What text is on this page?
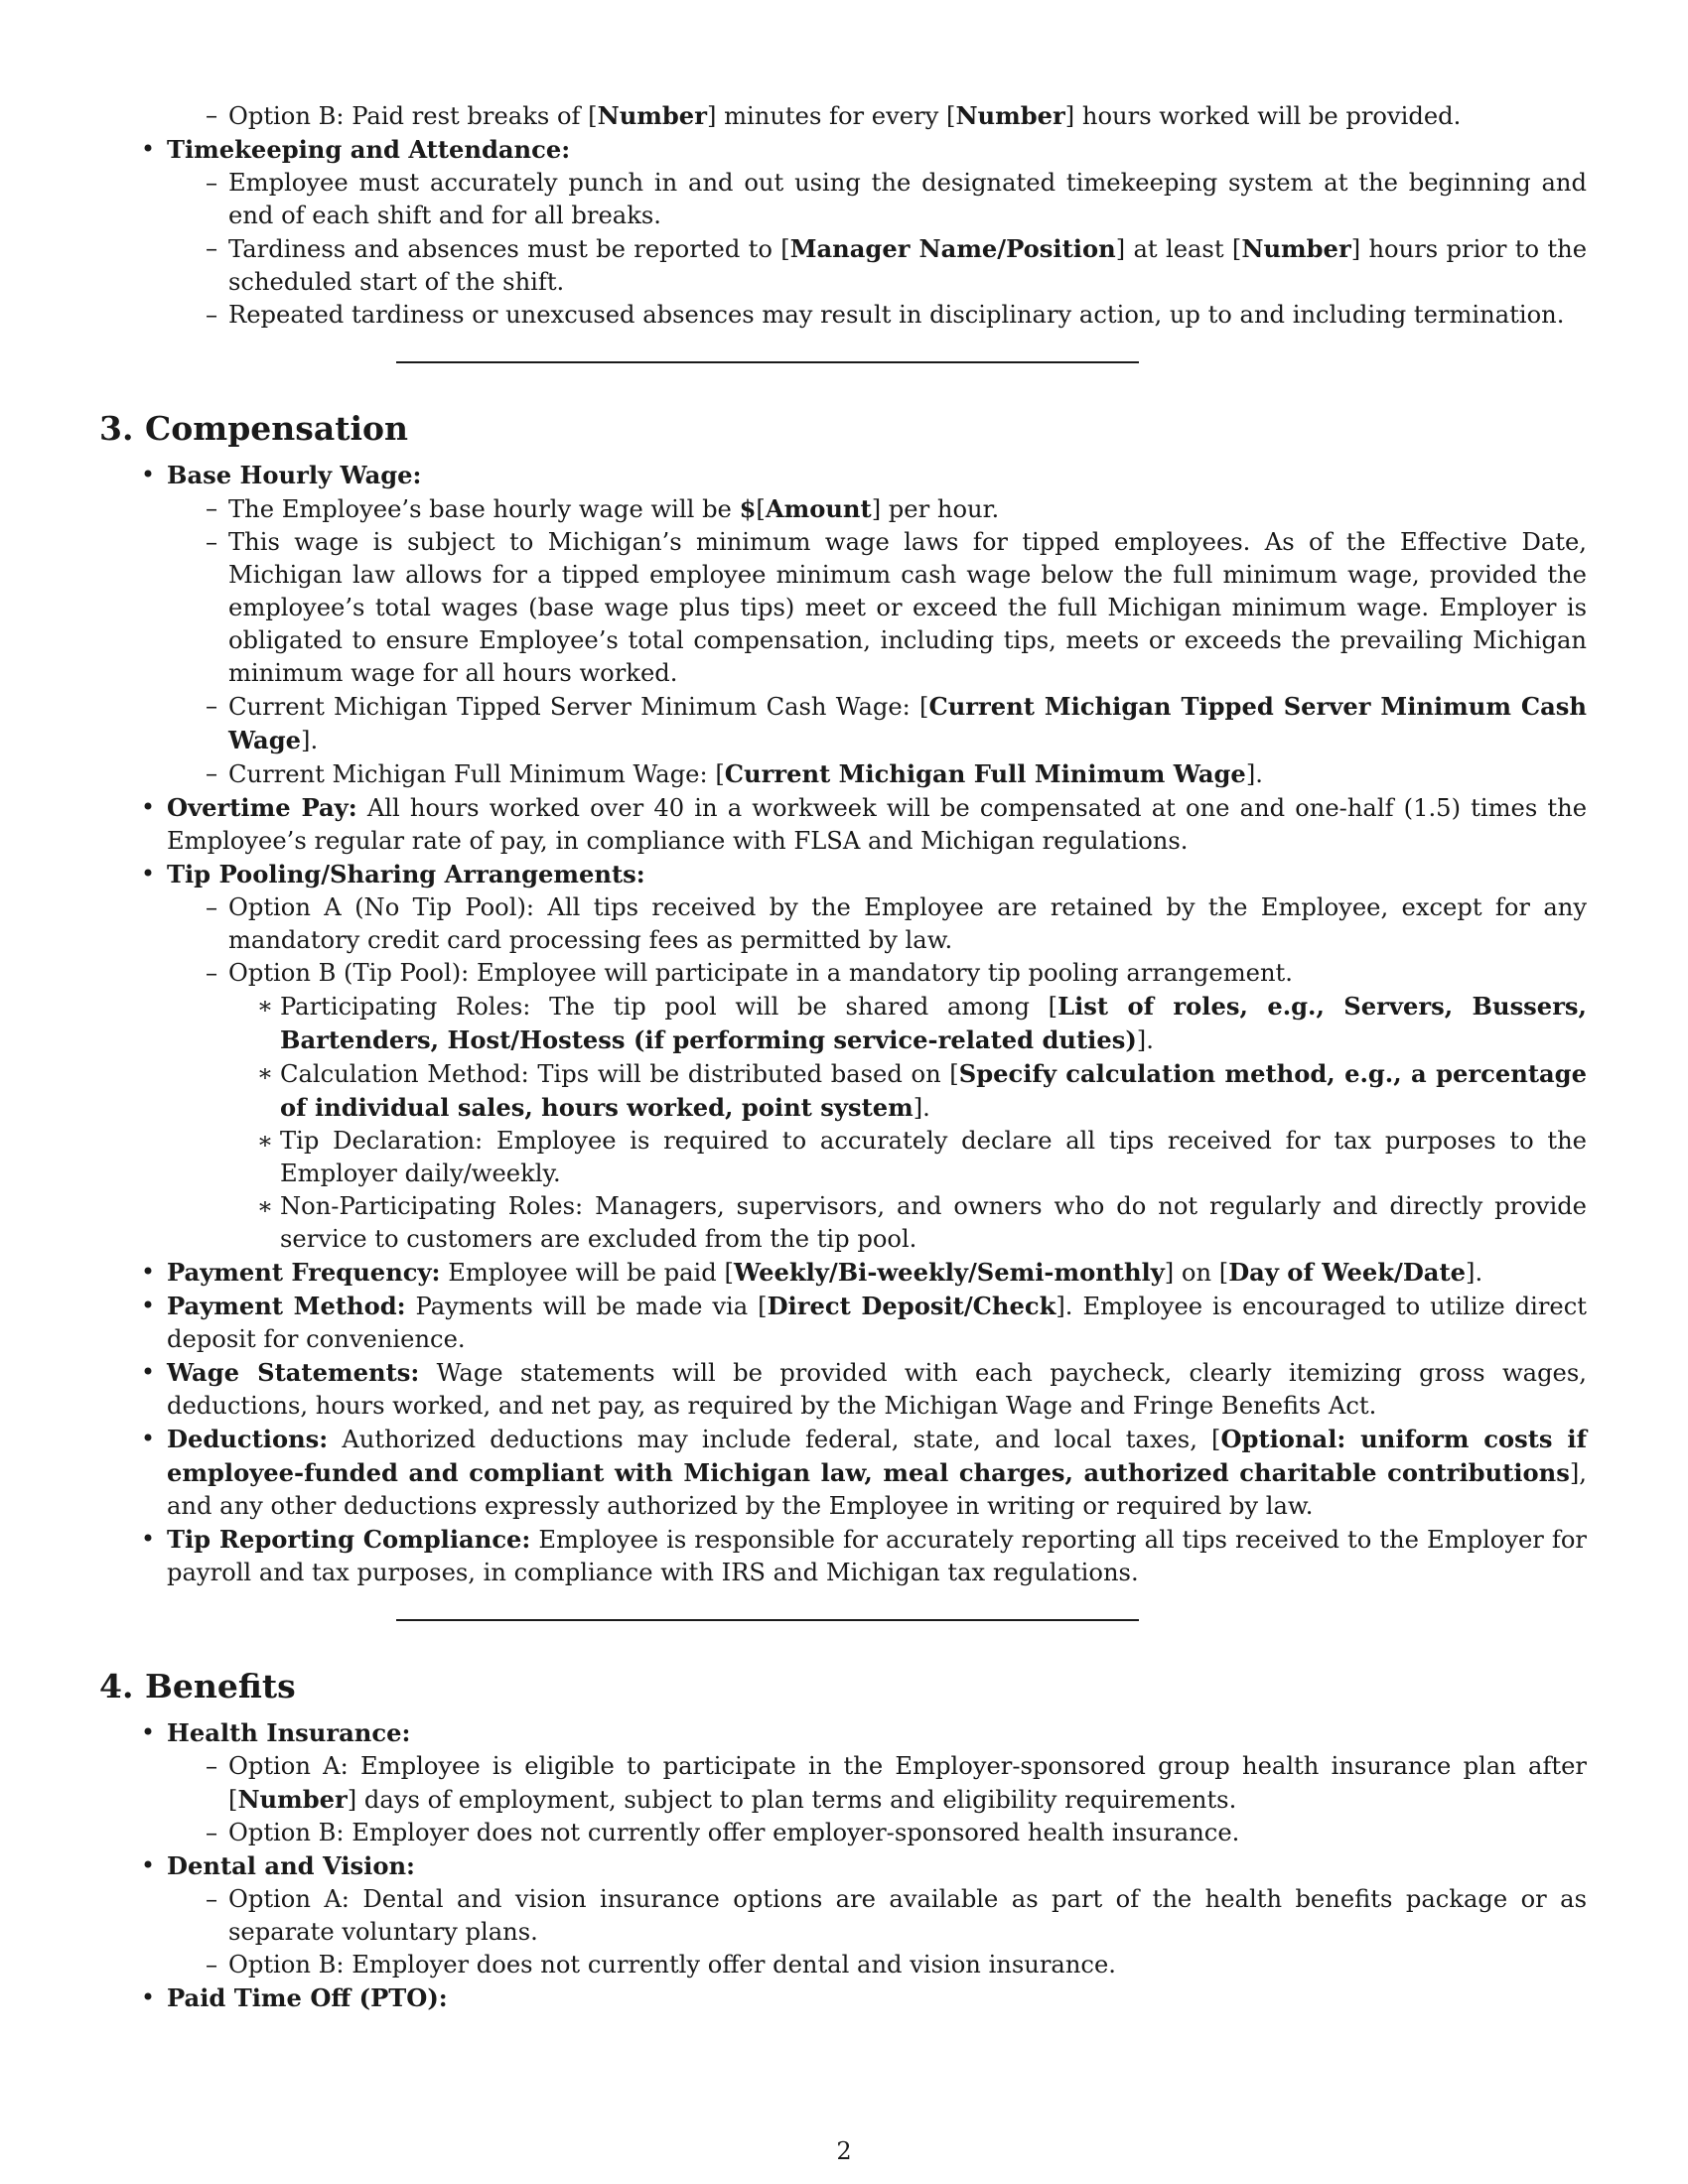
– Option B: Paid rest breaks of [Number] minutes for every [Number] hours worked will be provided.
• Timekeeping and Attendance:
– Employee must accurately punch in and out using the designated timekeeping system at the beginning and end of each shift and for all breaks.
– Tardiness and absences must be reported to [Manager Name/Position] at least [Number] hours prior to the scheduled start of the shift.
– Repeated tardiness or unexcused absences may result in disciplinary action, up to and including termination.
3. Compensation
• Base Hourly Wage:
– The Employee’s base hourly wage will be $[Amount] per hour.
– This wage is subject to Michigan’s minimum wage laws for tipped employees. As of the Effective Date, Michigan law allows for a tipped employee minimum cash wage below the full minimum wage, provided the employee’s total wages (base wage plus tips) meet or exceed the full Michigan minimum wage. Employer is obligated to ensure Employee’s total compensation, including tips, meets or exceeds the prevailing Michigan minimum wage for all hours worked.
– Current Michigan Tipped Server Minimum Cash Wage: [Current Michigan Tipped Server Minimum Cash Wage].
– Current Michigan Full Minimum Wage: [Current Michigan Full Minimum Wage].
• Overtime Pay: All hours worked over 40 in a workweek will be compensated at one and one-half (1.5) times the Employee’s regular rate of pay, in compliance with FLSA and Michigan regulations.
• Tip Pooling/Sharing Arrangements:
– Option A (No Tip Pool): All tips received by the Employee are retained by the Employee, except for any mandatory credit card processing fees as permitted by law.
– Option B (Tip Pool): Employee will participate in a mandatory tip pooling arrangement.
∗ Participating Roles: The tip pool will be shared among [List of roles, e.g., Servers, Bussers, Bartenders, Host/Hostess (if performing service-related duties)].
∗ Calculation Method: Tips will be distributed based on [Specify calculation method, e.g., a percentage of individual sales, hours worked, point system].
∗ Tip Declaration: Employee is required to accurately declare all tips received for tax purposes to the Employer daily/weekly.
∗ Non-Participating Roles: Managers, supervisors, and owners who do not regularly and directly provide service to customers are excluded from the tip pool.
• Payment Frequency: Employee will be paid [Weekly/Bi-weekly/Semi-monthly] on [Day of Week/Date].
• Payment Method: Payments will be made via [Direct Deposit/Check]. Employee is encouraged to utilize direct deposit for convenience.
• Wage Statements: Wage statements will be provided with each paycheck, clearly itemizing gross wages, deductions, hours worked, and net pay, as required by the Michigan Wage and Fringe Benefits Act.
• Deductions: Authorized deductions may include federal, state, and local taxes, [Optional: uniform costs if employee-funded and compliant with Michigan law, meal charges, authorized charitable contributions], and any other deductions expressly authorized by the Employee in writing or required by law.
• Tip Reporting Compliance: Employee is responsible for accurately reporting all tips received to the Employer for payroll and tax purposes, in compliance with IRS and Michigan tax regulations.
4. Benefits
• Health Insurance:
– Option A: Employee is eligible to participate in the Employer-sponsored group health insurance plan after [Number] days of employment, subject to plan terms and eligibility requirements.
– Option B: Employer does not currently offer employer-sponsored health insurance.
• Dental and Vision:
– Option A: Dental and vision insurance options are available as part of the health benefits package or as separate voluntary plans.
– Option B: Employer does not currently offer dental and vision insurance.
• Paid Time Off (PTO):
2
